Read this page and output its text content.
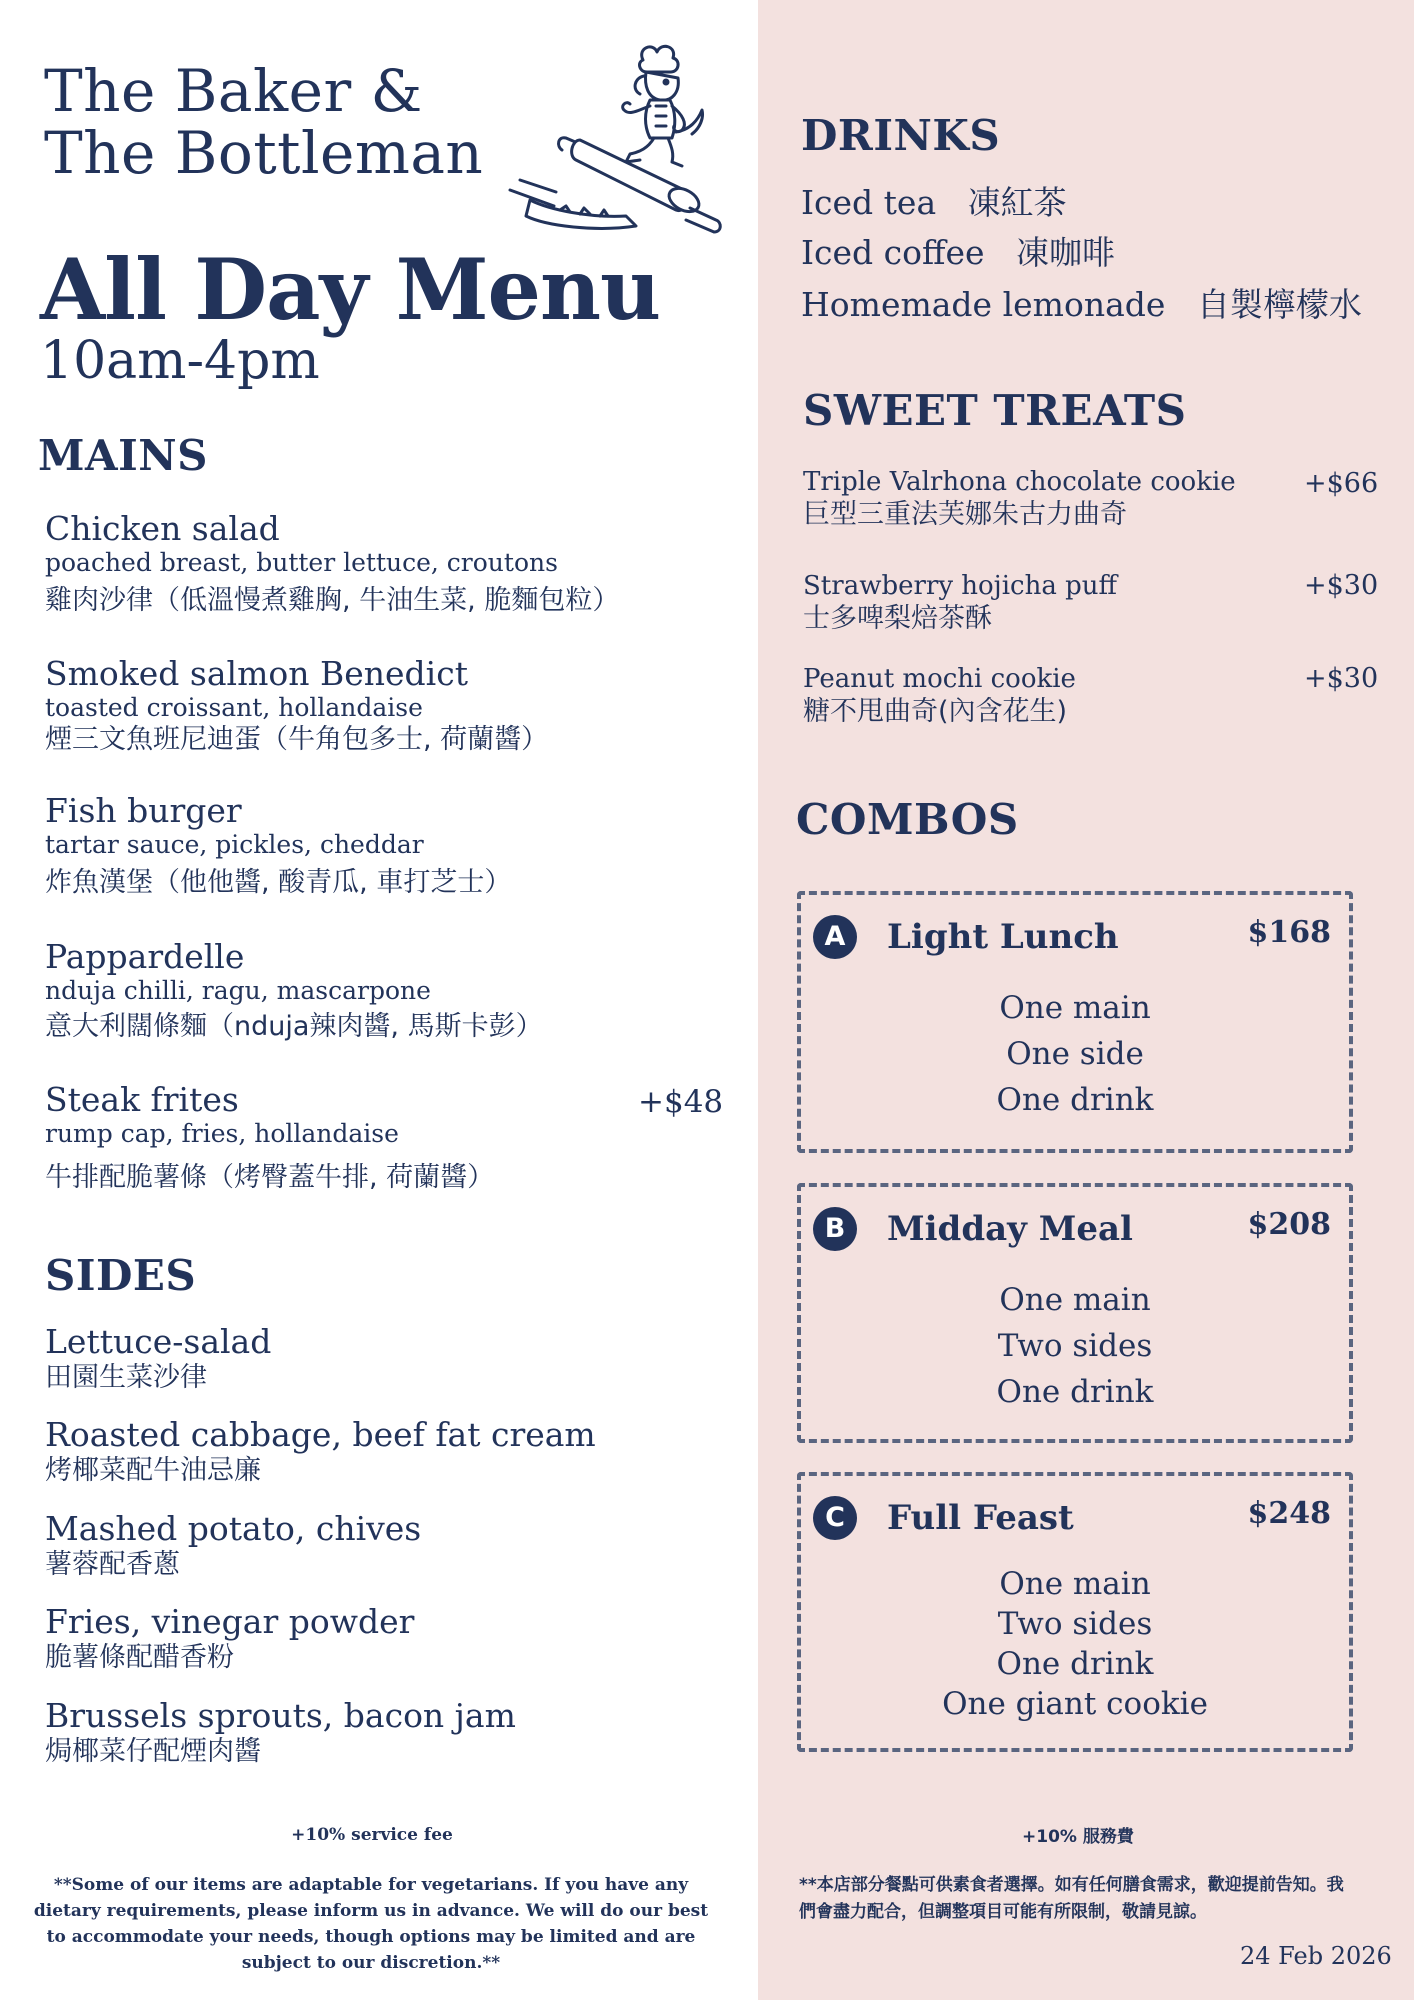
The Baker &
The Bottleman
All Day Menu
10am-4pm
MAINS
Chicken salad
poached breast, butter lettuce, croutons
雞肉沙律（低溫慢煮雞胸, 牛油生菜, 脆麵包粒）
Smoked salmon Benedict
toasted croissant, hollandaise
煙三文魚班尼迪蛋（牛角包多士, 荷蘭醬）
Fish burger
tartar sauce, pickles, cheddar
炸魚漢堡（他他醬, 酸青瓜, 車打芝士）
Pappardelle
nduja chilli, ragu, mascarpone
意大利闊條麵（nduja辣肉醬, 馬斯卡彭）
Steak frites
rump cap, fries, hollandaise
牛排配脆薯條（烤臀蓋牛排, 荷蘭醬）
+$48
SIDES
Lettuce-salad
田園生菜沙律
Roasted cabbage, beef fat cream
烤椰菜配牛油忌廉
Mashed potato, chives
薯蓉配香蔥
Fries, vinegar powder
脆薯條配醋香粉
Brussels sprouts, bacon jam
焗椰菜仔配煙肉醬
+10% service fee
**Some of our items are adaptable for vegetarians. If you have any dietary requirements, please inform us in advance. We will do our best to accommodate your needs, though options may be limited and are subject to our discretion.**
DRINKS
Iced tea 凍紅茶
Iced coffee 凍咖啡
Homemade lemonade 自製檸檬水
SWEET TREATS
Triple Valrhona chocolate cookie
巨型三重法芙娜朱古力曲奇
+$66
Strawberry hojicha puff
士多啤梨焙茶酥
+$30
Peanut mochi cookie
糖不甩曲奇(內含花生)
+$30
COMBOS
A	Light Lunch	$168
One main
One side
One drink
B	Midday Meal	$208
One main
Two sides
One drink
C	Full Feast	$248
One main
Two sides
One drink
One giant cookie
+10% 服務費
**本店部分餐點可供素食者選擇。如有任何膳食需求，歡迎提前告知。我們會盡力配合，但調整項目可能有所限制，敬請見諒。
24 Feb 2026
